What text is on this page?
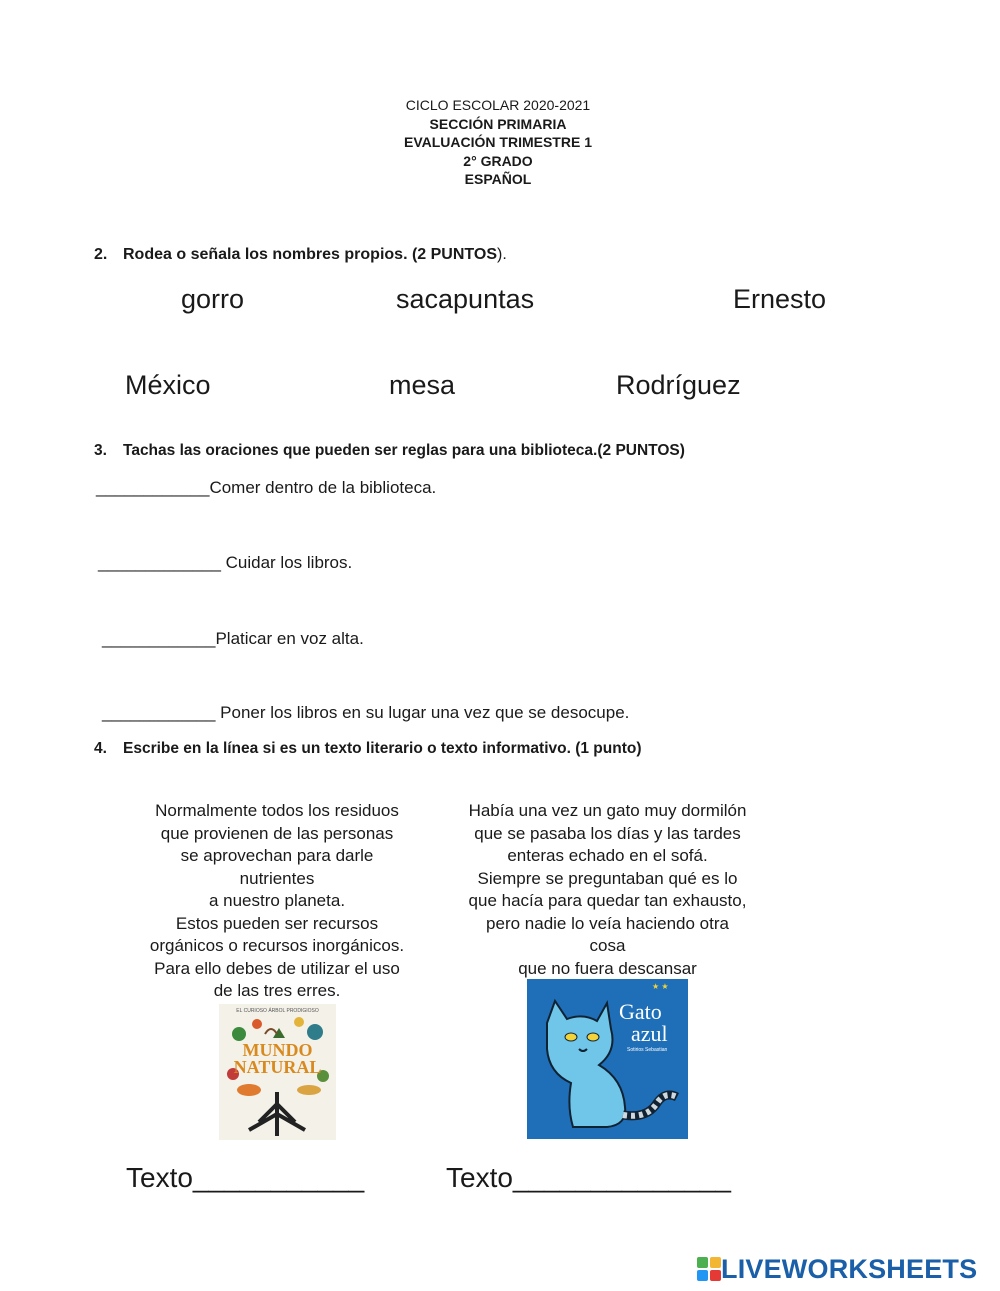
CICLO ESCOLAR 2020-2021
SECCIÓN PRIMARIA
EVALUACIÓN TRIMESTRE 1
2° GRADO
ESPAÑOL
2. Rodea o señala los nombres propios. (2 PUNTOS).
gorro	sacapuntas	Ernesto
México	mesa	Rodríguez
3. Tachas las oraciones que pueden ser reglas para una biblioteca.(2 PUNTOS)
____________Comer dentro de la biblioteca.
_____________ Cuidar los libros.
____________Platicar en voz alta.
____________ Poner los libros en su lugar una vez que se desocupe.
4. Escribe en la línea si es un texto literario o texto informativo. (1 punto)
Normalmente todos los residuos
que provienen de las personas
se aprovechan para darle
nutrientes
a nuestro planeta.
Estos pueden ser recursos
orgánicos o recursos inorgánicos.
Para ello debes de utilizar el uso
de las tres erres.
Había una vez un gato muy dormilón
que se pasaba los días y las tardes
enteras echado en el sofá.
Siempre se preguntaban qué es lo
que hacía para quedar tan exhausto,
pero nadie lo veía haciendo otra
cosa
que no fuera descansar
EL CURIOSO ÁRBOL PRODIGIOSO
MUNDO
NATURAL
★ ★
Gato
azul
Sotirios Sebastian
Texto___________	Texto______________
LIVEWORKSHEETS
